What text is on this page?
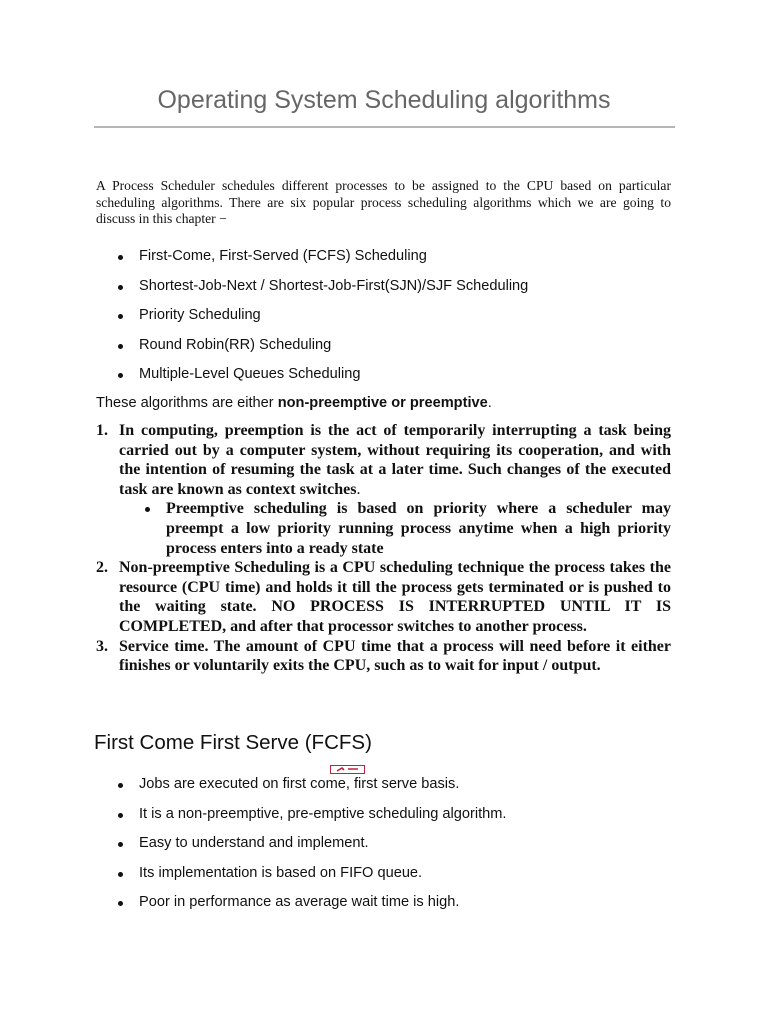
Operating System Scheduling algorithms

A Process Scheduler schedules different processes to be assigned to the CPU based on particular scheduling algorithms. There are six popular process scheduling algorithms which we are going to discuss in this chapter −

First-Come, First-Served (FCFS) Scheduling
Shortest-Job-Next / Shortest-Job-First(SJN)/SJF Scheduling
Priority Scheduling
Round Robin(RR) Scheduling
Multiple-Level Queues Scheduling

These algorithms are either non-preemptive or preemptive.

1. In computing, preemption is the act of temporarily interrupting a task being carried out by a computer system, without requiring its cooperation, and with the intention of resuming the task at a later time. Such changes of the executed task are known as context switches.
Preemptive scheduling is based on priority where a scheduler may preempt a low priority running process anytime when a high priority process enters into a ready state
2. Non-preemptive Scheduling is a CPU scheduling technique the process takes the resource (CPU time) and holds it till the process gets terminated or is pushed to the waiting state. NO PROCESS IS INTERRUPTED UNTIL IT IS COMPLETED, and after that processor switches to another process.
3. Service time. The amount of CPU time that a process will need before it either finishes or voluntarily exits the CPU, such as to wait for input / output.
First Come First Serve (FCFS)
Jobs are executed on first come, first serve basis.
It is a non-preemptive, pre-emptive scheduling algorithm.
Easy to understand and implement.
Its implementation is based on FIFO queue.
Poor in performance as average wait time is high.
